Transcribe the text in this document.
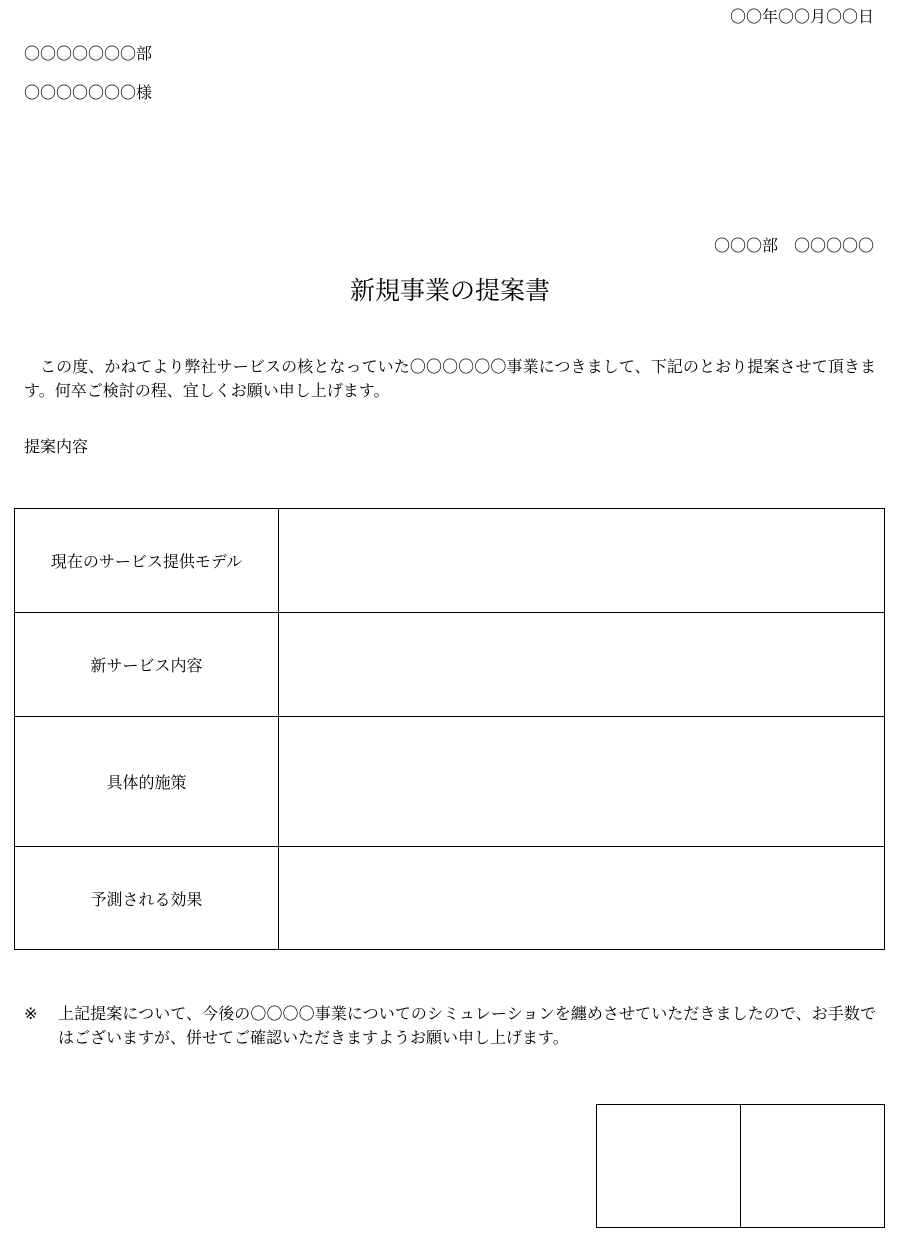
〇〇年〇〇月〇〇日
〇〇〇〇〇〇〇部
〇〇〇〇〇〇〇様
〇〇〇部　〇〇〇〇〇
新規事業の提案書
この度、かねてより弊社サービスの核となっていた〇〇〇〇〇〇事業につきまして、下記のとおり提案させて頂きます。何卒ご検討の程、宜しくお願い申し上げます。
提案内容
現在のサービス提供モデル	
新サービス内容	
具体的施策	
予測される効果	
※	上記提案について、今後の〇〇〇〇事業についてのシミュレーションを纏めさせていただきましたので、お手数ではございますが、併せてご確認いただきますようお願い申し上げます。
